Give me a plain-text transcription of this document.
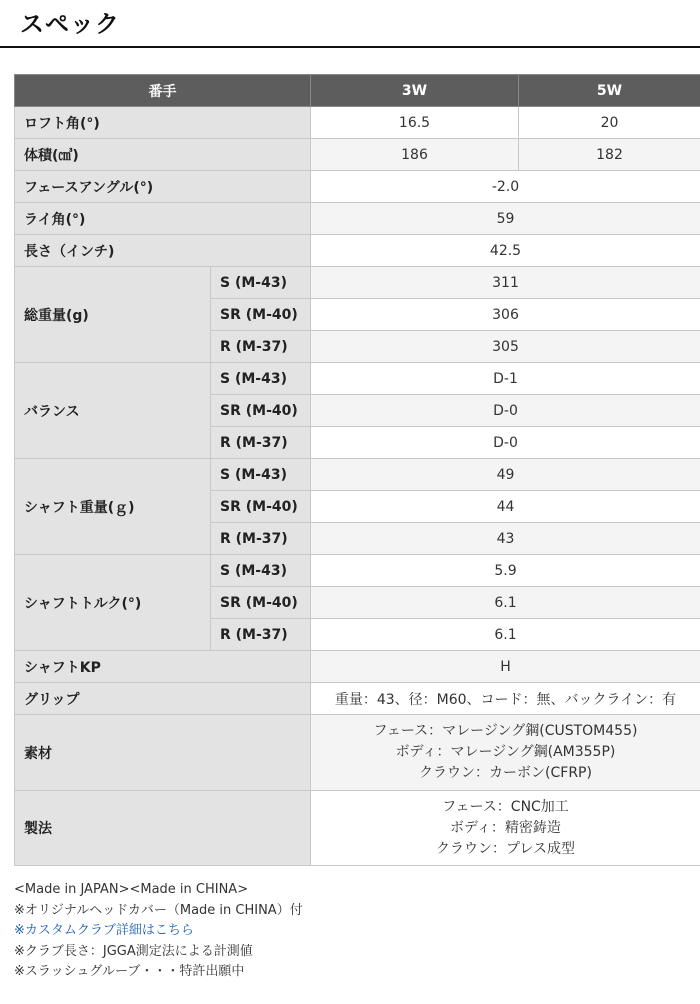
スペック
番手		3W	5W
ロフト角(°)		16.5	20
体積(㎤)		186	182
フェースアングル(°)		-2.0	
ライ角(°)		59	
長さ（インチ)		42.5	
総重量(g)	S (M-43)	311	
	SR (M-40)	306	
	R (M-37)	305	
バランス	S (M-43)	D-1	
	SR (M-40)	D-0	
	R (M-37)	D-0	
シャフト重量(ｇ)	S (M-43)	49	
	SR (M-40)	44	
	R (M-37)	43	
シャフトトルク(°)	S (M-43)	5.9	
	SR (M-40)	6.1	
	R (M-37)	6.1	
シャフトKP		H	
グリップ		重量：43、径：M60、コード：無、バックライン：有	
素材		フェース：マレージング鋼(CUSTOM455)
ボディ：マレージング鋼(AM355P)
クラウン：カーボン(CFRP)	

製法		フェース：CNC加工
ボディ：精密鋳造
クラウン：プレス成型	
<Made in JAPAN><Made in CHINA>
※オリジナルヘッドカバー（Made in CHINA）付
※カスタムクラブ詳細はこちら
※クラブ長さ：JGGA測定法による計測値
※スラッシュグルーブ・・・特許出願中
